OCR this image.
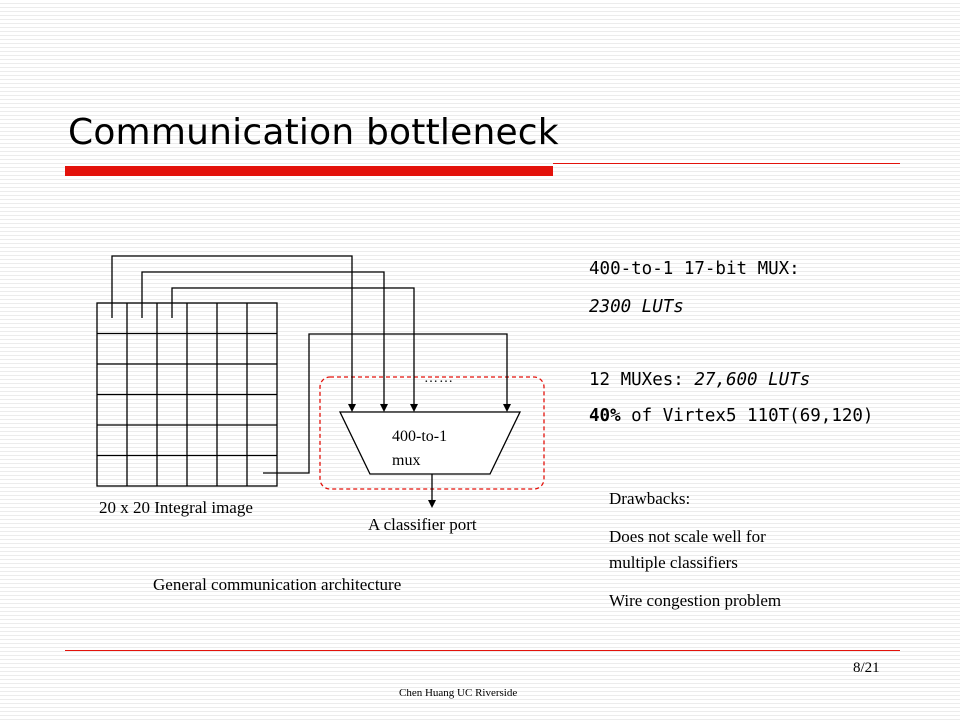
Communication bottleneck
……
400-to-1
mux
20 x 20 Integral image
A classifier port
General communication architecture
400-to-1 17-bit MUX:
2300 LUTs
12 MUXes: 27,600 LUTs
40% of Virtex5 110T(69,120)
Drawbacks:
Does not scale well for
multiple classifiers
Wire congestion problem
8/21
Chen Huang UC Riverside
